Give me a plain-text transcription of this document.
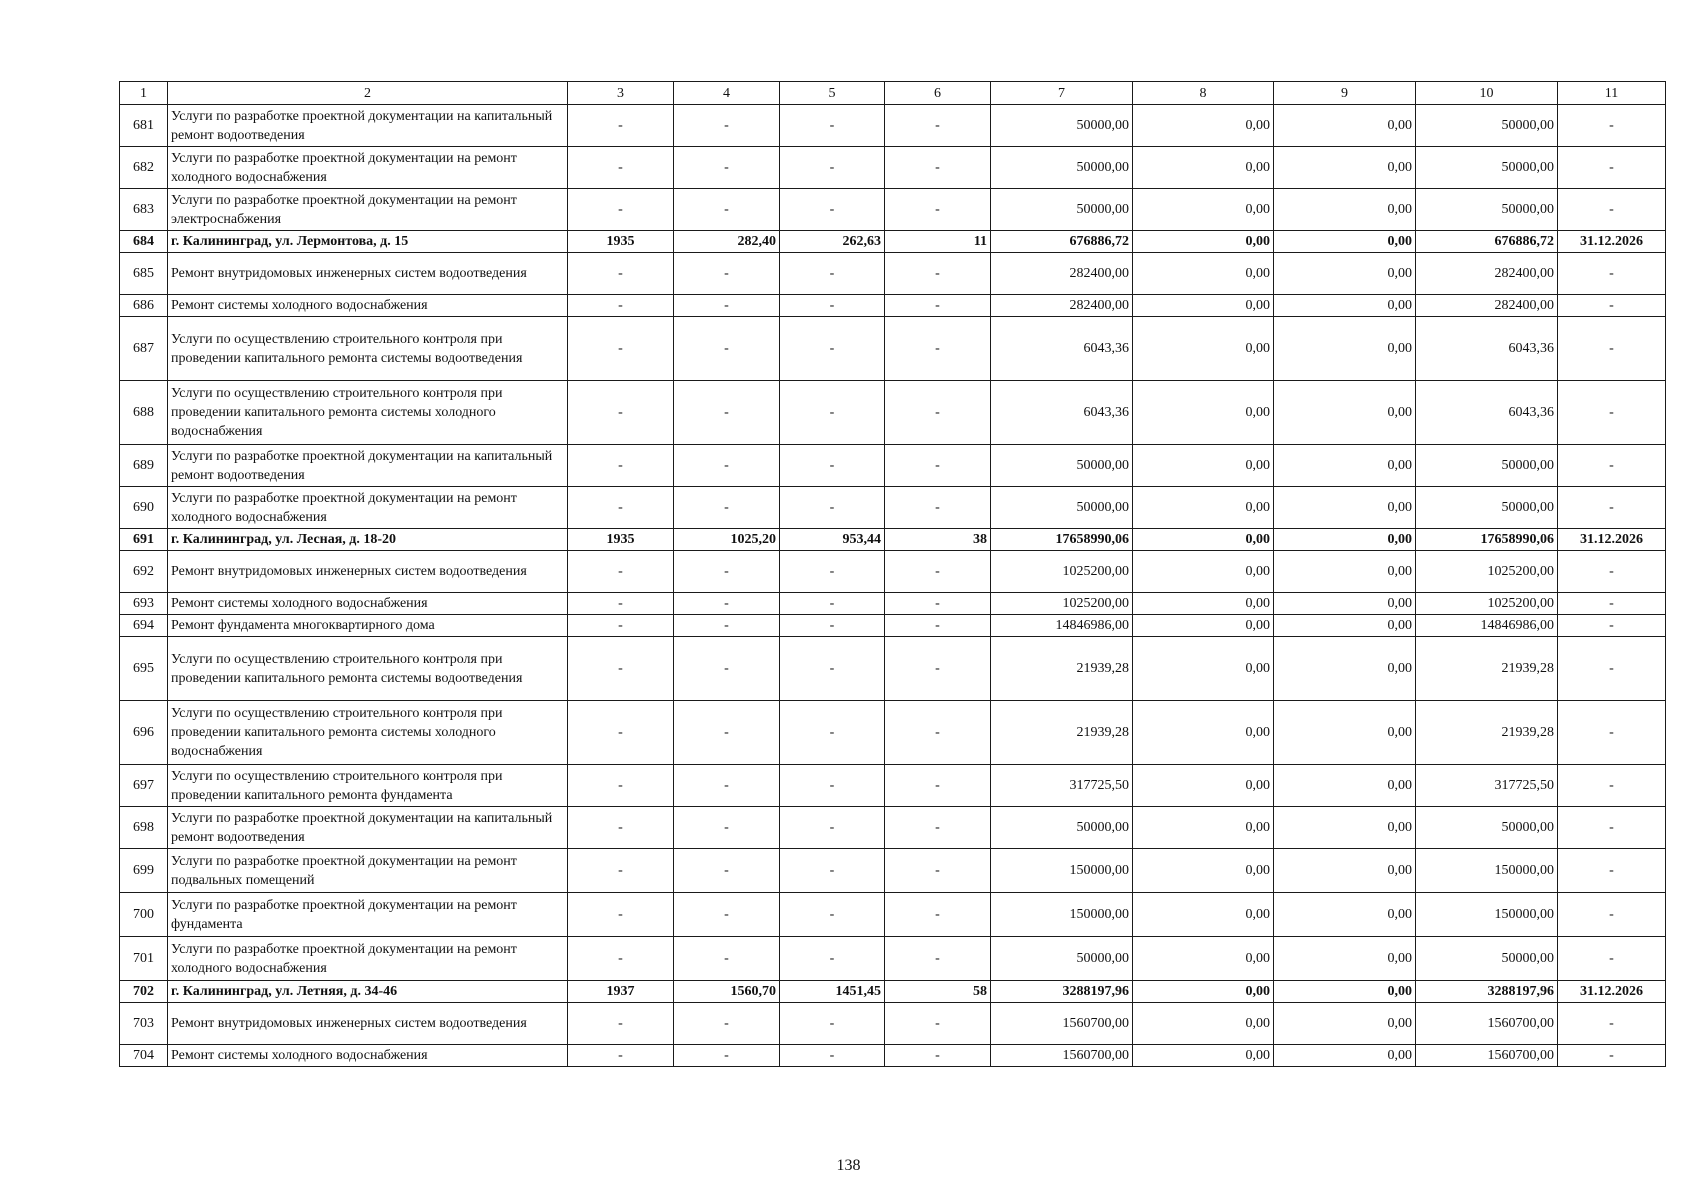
1	2	3	4	5	6	7	8	9	10	11
681	Услуги по разработке проектной документации на капитальный ремонт водоотведения	-	-	-	-	50000,00	0,00	0,00	50000,00	-
682	Услуги по разработке проектной документации на ремонт холодного водоснабжения	-	-	-	-	50000,00	0,00	0,00	50000,00	-
683	Услуги по разработке проектной документации на ремонт электроснабжения	-	-	-	-	50000,00	0,00	0,00	50000,00	-
684	г. Калининград, ул. Лермонтова, д. 15	1935	282,40	262,63	11	676886,72	0,00	0,00	676886,72	31.12.2026
685	Ремонт внутридомовых инженерных систем водоотведения	-	-	-	-	282400,00	0,00	0,00	282400,00	-
686	Ремонт системы холодного водоснабжения	-	-	-	-	282400,00	0,00	0,00	282400,00	-
687	Услуги по осуществлению строительного контроля при проведении капитального ремонта системы водоотведения	-	-	-	-	6043,36	0,00	0,00	6043,36	-
688	Услуги по осуществлению строительного контроля при проведении капитального ремонта системы холодного водоснабжения	-	-	-	-	6043,36	0,00	0,00	6043,36	-
689	Услуги по разработке проектной документации на капитальный ремонт водоотведения	-	-	-	-	50000,00	0,00	0,00	50000,00	-
690	Услуги по разработке проектной документации на ремонт холодного водоснабжения	-	-	-	-	50000,00	0,00	0,00	50000,00	-
691	г. Калининград, ул. Лесная, д. 18-20	1935	1025,20	953,44	38	17658990,06	0,00	0,00	17658990,06	31.12.2026
692	Ремонт внутридомовых инженерных систем водоотведения	-	-	-	-	1025200,00	0,00	0,00	1025200,00	-
693	Ремонт системы холодного водоснабжения	-	-	-	-	1025200,00	0,00	0,00	1025200,00	-
694	Ремонт фундамента многоквартирного дома	-	-	-	-	14846986,00	0,00	0,00	14846986,00	-
695	Услуги по осуществлению строительного контроля при проведении капитального ремонта системы водоотведения	-	-	-	-	21939,28	0,00	0,00	21939,28	-
696	Услуги по осуществлению строительного контроля при проведении капитального ремонта системы холодного водоснабжения	-	-	-	-	21939,28	0,00	0,00	21939,28	-
697	Услуги по осуществлению строительного контроля при проведении капитального ремонта фундамента	-	-	-	-	317725,50	0,00	0,00	317725,50	-
698	Услуги по разработке проектной документации на капитальный ремонт водоотведения	-	-	-	-	50000,00	0,00	0,00	50000,00	-
699	Услуги по разработке проектной документации на ремонт подвальных помещений	-	-	-	-	150000,00	0,00	0,00	150000,00	-
700	Услуги по разработке проектной документации на ремонт фундамента	-	-	-	-	150000,00	0,00	0,00	150000,00	-
701	Услуги по разработке проектной документации на ремонт холодного водоснабжения	-	-	-	-	50000,00	0,00	0,00	50000,00	-
702	г. Калининград, ул. Летняя, д. 34-46	1937	1560,70	1451,45	58	3288197,96	0,00	0,00	3288197,96	31.12.2026
703	Ремонт внутридомовых инженерных систем водоотведения	-	-	-	-	1560700,00	0,00	0,00	1560700,00	-
704	Ремонт системы холодного водоснабжения	-	-	-	-	1560700,00	0,00	0,00	1560700,00	-
138
